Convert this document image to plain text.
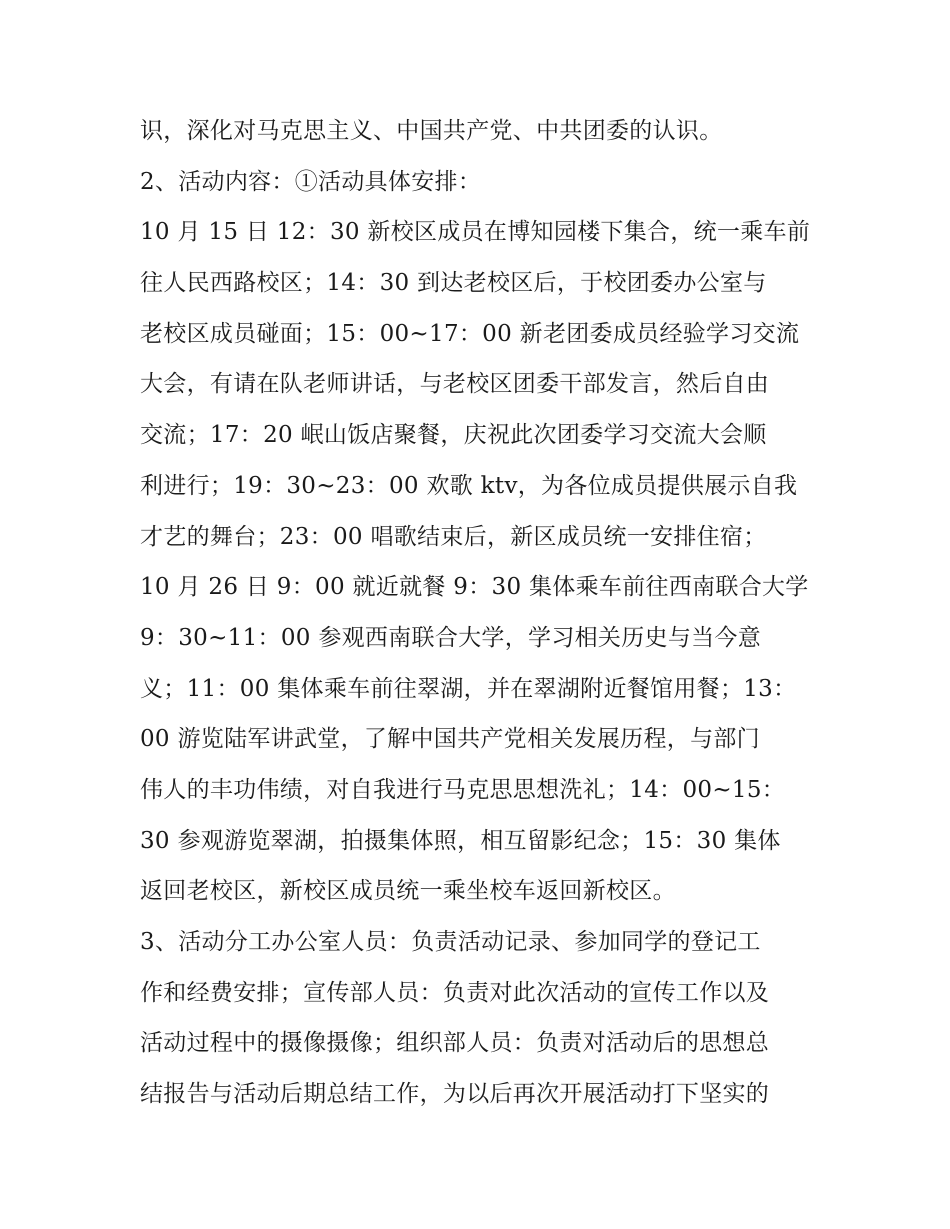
识，深化对马克思主义、中国共产党、中共团委的认识。
2、活动内容：①活动具体安排：
10 月 15 日 12：30 新校区成员在博知园楼下集合，统一乘车前
往人民西路校区；14：30 到达老校区后，于校团委办公室与
老校区成员碰面；15：00~17：00 新老团委成员经验学习交流
大会，有请在队老师讲话，与老校区团委干部发言，然后自由
交流；17：20 岷山饭店聚餐，庆祝此次团委学习交流大会顺
利进行；19：30~23：00 欢歌 ktv，为各位成员提供展示自我
才艺的舞台；23：00 唱歌结束后，新区成员统一安排住宿；
10 月 26 日 9：00 就近就餐 9：30 集体乘车前往西南联合大学
9：30~11：00 参观西南联合大学，学习相关历史与当今意
义；11：00 集体乘车前往翠湖，并在翠湖附近餐馆用餐；13：
00 游览陆军讲武堂，了解中国共产党相关发展历程，与部门
伟人的丰功伟绩，对自我进行马克思思想洗礼；14：00~15：
30 参观游览翠湖，拍摄集体照，相互留影纪念；15：30 集体
返回老校区，新校区成员统一乘坐校车返回新校区。
3、活动分工办公室人员：负责活动记录、参加同学的登记工
作和经费安排；宣传部人员：负责对此次活动的宣传工作以及
活动过程中的摄像摄像；组织部人员：负责对活动后的思想总
结报告与活动后期总结工作，为以后再次开展活动打下坚实的
